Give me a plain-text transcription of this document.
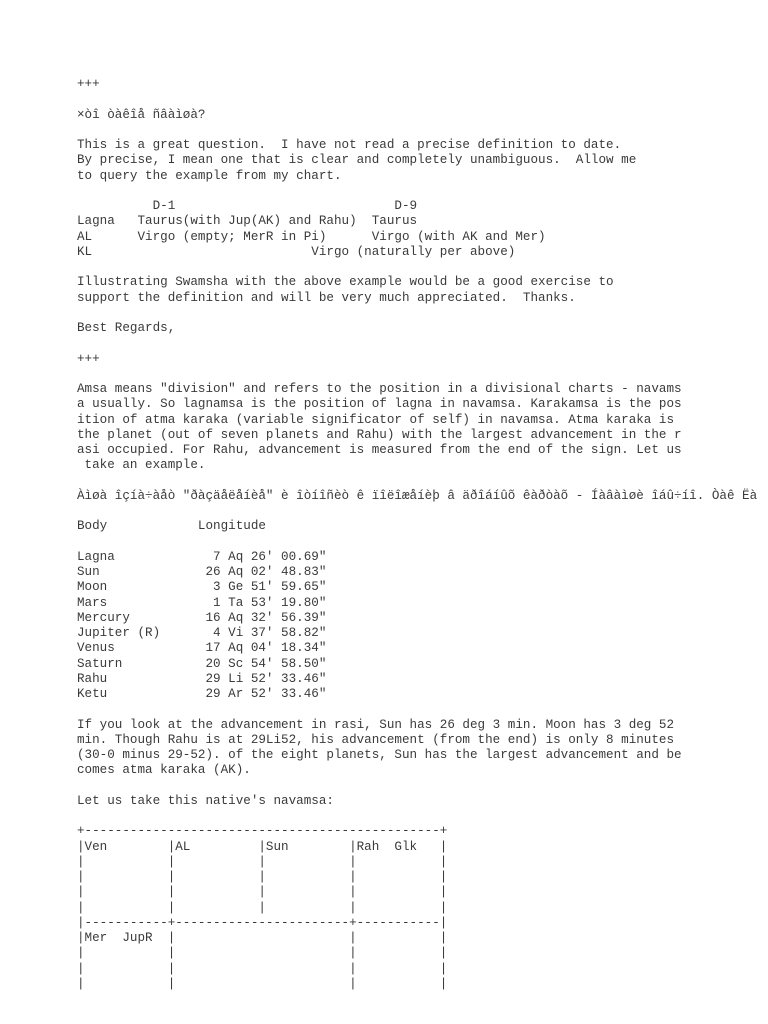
+++
×òî òàêîå ñâàìøà?
This is a great question.  I have not read a precise definition to date.
By precise, I mean one that is clear and completely unambiguous.  Allow me
to query the example from my chart.
D-1                             D-9
Lagna   Taurus(with Jup(AK) and Rahu)  Taurus
AL      Virgo (empty; MerR in Pi)      Virgo (with AK and Mer)
KL                             Virgo (naturally per above)
Illustrating Swamsha with the above example would be a good exercise to
support the definition and will be very much appreciated.  Thanks.
Best Regards,
+++
Amsa means "division" and refers to the position in a divisional charts - navams
a usually. So lagnamsa is the position of lagna in navamsa. Karakamsa is the pos
ition of atma karaka (variable significator of self) in navamsa. Atma karaka is
the planet (out of seven planets and Rahu) with the largest advancement in the r
asi occupied. For Rahu, advancement is measured from the end of the sign. Let us
take an example.
Àìøà îçíà÷àåò "ðàçäåëåíèå" è îòíîñèò ê ïîëîæåíèþ â äðîáíûõ êàðòàõ - Íàâàìøè îáû÷íî. Òàê Ëà
Body            Longitude
Lagna             7 Aq 26' 00.69"
Sun              26 Aq 02' 48.83"
Moon              3 Ge 51' 59.65"
Mars              1 Ta 53' 19.80"
Mercury          16 Aq 32' 56.39"
Jupiter (R)       4 Vi 37' 58.82"
Venus            17 Aq 04' 18.34"
Saturn           20 Sc 54' 58.50"
Rahu             29 Li 52' 33.46"
Ketu             29 Ar 52' 33.46"
If you look at the advancement in rasi, Sun has 26 deg 3 min. Moon has 3 deg 52
min. Though Rahu is at 29Li52, his advancement (from the end) is only 8 minutes
(30-0 minus 29-52). of the eight planets, Sun has the largest advancement and be
comes atma karaka (AK).
Let us take this native's navamsa:
+-----------------------------------------------+
|Ven        |AL         |Sun        |Rah  Glk   |
|           |           |           |           |
|           |           |           |           |
|           |           |           |           |
|           |           |           |           |
|-----------+-----------------------+-----------|
|Mer  JupR  |                       |           |
|           |                       |           |
|           |                       |           |
|           |                       |           |
